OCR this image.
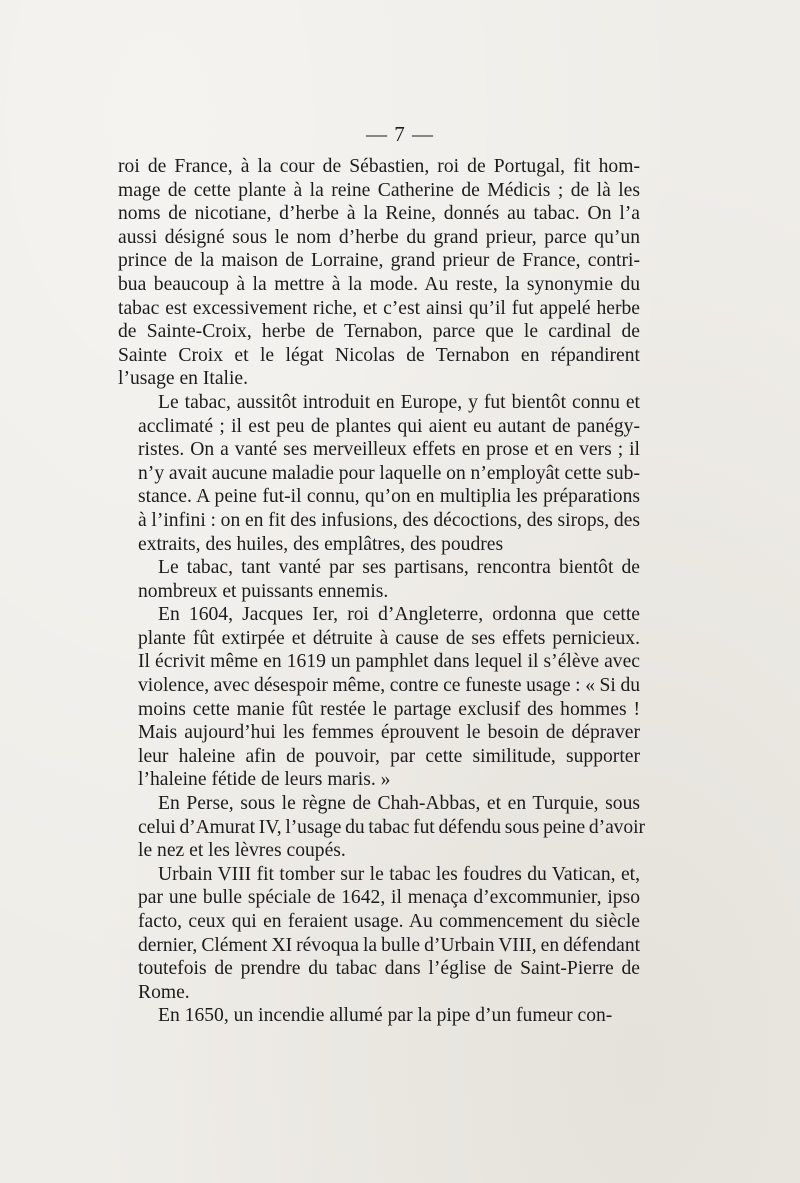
— 7 —
roi de France, à la cour de Sébastien, roi de Portugal, fit hom-
mage de cette plante à la reine Catherine de Médicis ; de là les
noms de nicotiane, d’herbe à la Reine, donnés au tabac. On l’a
aussi désigné sous le nom d’herbe du grand prieur, parce qu’un
prince de la maison de Lorraine, grand prieur de France, contri-
bua beaucoup à la mettre à la mode. Au reste, la synonymie du
tabac est excessivement riche, et c’est ainsi qu’il fut appelé herbe
de Sainte-Croix, herbe de Ternabon, parce que le cardinal de
Sainte Croix et le légat Nicolas de Ternabon en répandirent
l’usage en Italie.
Le tabac, aussitôt introduit en Europe, y fut bientôt connu et
acclimaté ; il est peu de plantes qui aient eu autant de panégy-
ristes. On a vanté ses merveilleux effets en prose et en vers ; il
n’y avait aucune maladie pour laquelle on n’employât cette sub-
stance. A peine fut-il connu, qu’on en multiplia les préparations
à l’infini : on en fit des infusions, des décoctions, des sirops, des
extraits, des huiles, des emplâtres, des poudres
Le tabac, tant vanté par ses partisans, rencontra bientôt de
nombreux et puissants ennemis.
En 1604, Jacques Ier, roi d’Angleterre, ordonna que cette
plante fût extirpée et détruite à cause de ses effets pernicieux.
Il écrivit même en 1619 un pamphlet dans lequel il s’élève avec
violence, avec désespoir même, contre ce funeste usage : « Si du
moins cette manie fût restée le partage exclusif des hommes !
Mais aujourd’hui les femmes éprouvent le besoin de dépraver
leur haleine afin de pouvoir, par cette similitude, supporter
l’haleine fétide de leurs maris. »
En Perse, sous le règne de Chah-Abbas, et en Turquie, sous
celui d’Amurat IV, l’usage du tabac fut défendu sous peine d’avoir
le nez et les lèvres coupés.
Urbain VIII fit tomber sur le tabac les foudres du Vatican, et,
par une bulle spéciale de 1642, il menaça d’excommunier, ipso
facto, ceux qui en feraient usage. Au commencement du siècle
dernier, Clément XI révoqua la bulle d’Urbain VIII, en défendant
toutefois de prendre du tabac dans l’église de Saint-Pierre de
Rome.
En 1650, un incendie allumé par la pipe d’un fumeur con-
